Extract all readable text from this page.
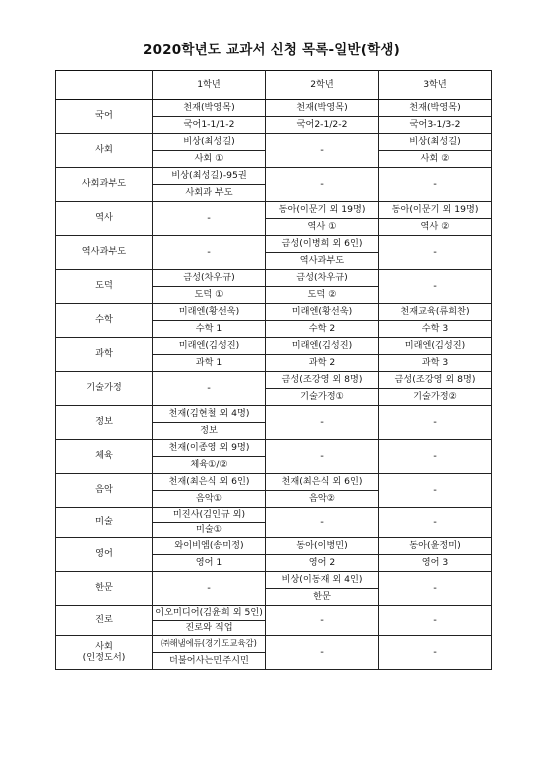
2020학년도 교과서 신청 목록-일반(학생)
	1학년	2학년	3학년
국어	천재(박영목)	천재(박영목)	천재(박영목)
	국어1-1/1-2	국어2-1/2-2	국어3-1/3-2
사회	비상(최성길)	-	비상(최성길)
	사회 ①		사회 ②
사회과부도	비상(최성길)-95권	-	-
	사회과 부도		
역사	-	동아(이문기 외 19명)	동아(이문기 외 19명)
		역사 ①	역사 ②
역사과부도	-	금성(이병희 외 6인)	-
		역사과부도	
도덕	금성(차우규)	금성(차우규)	-
	도덕 ①	도덕 ②	
수학	미래엔(황선욱)	미래엔(황선욱)	천재교육(류희찬)
	수학 1	수학 2	수학 3
과학	미래엔(김성진)	미래엔(김성진)	미래엔(김성진)
	과학 1	과학 2	과학 3
기술가정	-	금성(조강영 외 8명)	금성(조강영 외 8명)
		기술가정①	기술가정②
정보	천재(김현철 외 4명)	-	-
	정보		
체육	천재(이종영 외 9명)	-	-
	체육①/②		
음악	천재(최은식 외 6인)	천재(최은식 외 6인)	-
	음악①	음악②	
미술	미진사(김인규 외)	-	-
	미술①		
영어	와이비엠(송미정)	동아(이병민)	동아(윤정미)
	영어 1	영어 2	영어 3
한문	-	비상(이동재 외 4인)	-
		한문	
진로	이오미디어(김윤희 외 5인)	-	-
	진로와 직업		

사회
(인정도서)	㈜해냄에듀(경기도교육감)	-	-
	더불어사는민주시민		
